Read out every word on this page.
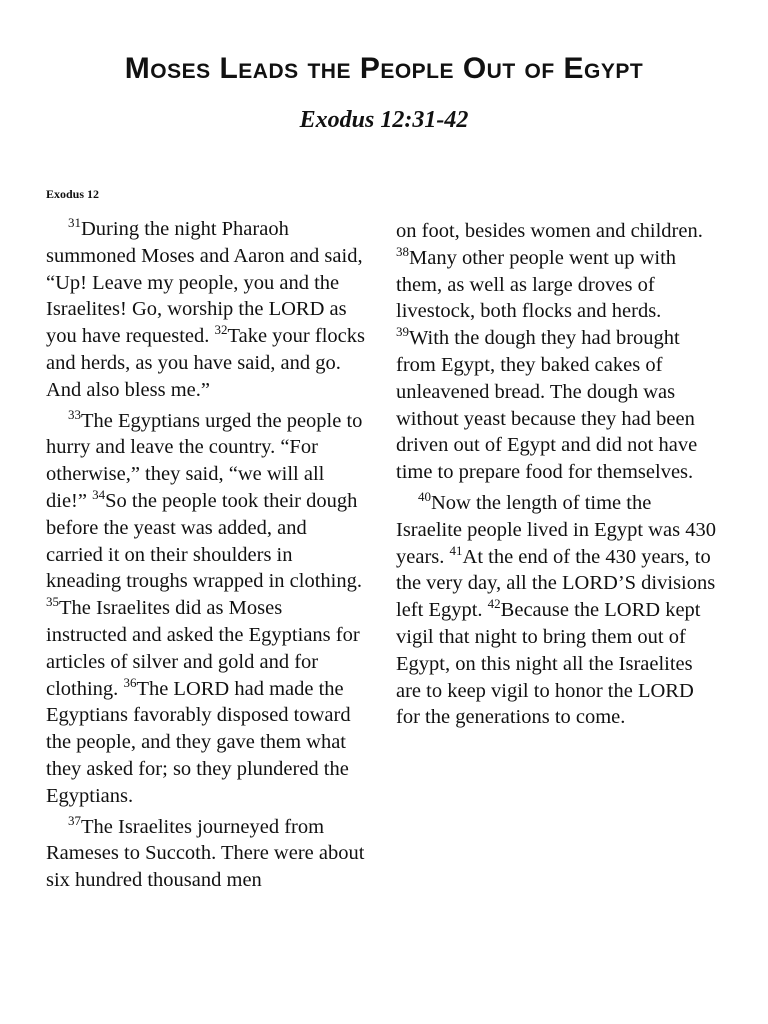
Moses Leads the People Out of Egypt
Exodus 12:31-42
Exodus 12

$^{31}$During the night Pharaoh summoned Moses and Aaron and said, “Up! Leave my people, you and the Israelites! Go, worship the LORD as you have requested. $^{32}$Take your flocks and herds, as you have said, and go. And also bless me.”

$^{33}$The Egyptians urged the people to hurry and leave the country. “For otherwise,” they said, “we will all die!” $^{34}$So the people took their dough before the yeast was added, and carried it on their shoulders in kneading troughs wrapped in clothing. $^{35}$The Israelites did as Moses instructed and asked the Egyptians for articles of silver and gold and for clothing. $^{36}$The LORD had made the Egyptians favorably disposed toward the people, and they gave them what they asked for; so they plundered the Egyptians.

$^{37}$The Israelites journeyed from Rameses to Succoth. There were about six hundred thousand men

on foot, besides women and children. $^{38}$Many other people went up with them, as well as large droves of livestock, both flocks and herds. $^{39}$With the dough they had brought from Egypt, they baked cakes of unleavened bread. The dough was without yeast because they had been driven out of Egypt and did not have time to prepare food for themselves.

$^{40}$Now the length of time the Israelite people lived in Egypt was 430 years. $^{41}$At the end of the 430 years, to the very day, all the LORD’S divisions left Egypt. $^{42}$Because the LORD kept vigil that night to bring them out of Egypt, on this night all the Israelites are to keep vigil to honor the LORD for the generations to come.
